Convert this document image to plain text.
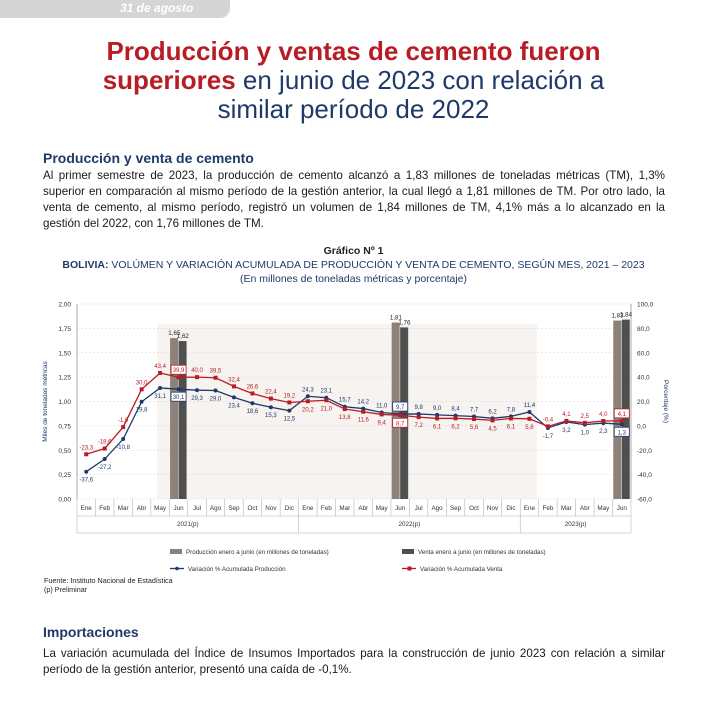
31 de agosto
Producción y ventas de cemento fueron
superiores en junio de 2023 con relación a
similar período de 2022
Producción y venta de cemento

Al primer semestre de 2023, la producción de cemento alcanzó a 1,83 millones de toneladas métricas (TM), 1,3% superior en comparación al mismo período de la gestión anterior, la cual llegó a 1,81 millones de TM. Por otro lado, la venta de cemento, al mismo período, registró un volumen de 1,84 millones de TM, 4,1% más a lo alcanzado en la gestión del 2022, con 1,76 millones de TM.

Gráfico Nº 1
BOLIVIA: VOLÚMEN Y VARIACIÓN ACUMULADA DE PRODUCCIÓN Y VENTA DE CEMENTO, SEGÚN MES, 2021 – 2023
(En millones de toneladas métricas y porcentaje)
0,00
0,25
0,50
0,75
1,00
1,25
1,50
1,75
2,00
-60,0
-40,0
-20,0
0,0
20,0
40,0
60,0
80,0
100,0
Miles de toneladas métricas	Porcentaje (%)
1,65
1,81	1,83
1,62
1,76
1,84
Ene Feb Mar Abr May Jun Jul Ago Sep Oct Nov Dic Ene Feb Mar Abr May Jun Jul Ago Sep Oct Nov Dic Ene Feb Mar Abr May Jun
2021(p)	2022(p)	2023(p)
-37,6
-27,2
-10,8
19,8
31,1 30,1 29,3 29,0
23,4
18,6
15,3
12,5
24,3 23,1
15,7 14,2
11,0 9,7 9,8 9,0 8,4 7,7 6,2 7,8
11,4
-1,7
3,2 1,0 2,3 1,3
-23,3
-18,6
-1,0
30,0
43,4
39,9 40,0 39,5
32,4
26,6
22,4
19,2
20,2 21,0
13,8 11,6 9,4 8,7 7,2 6,1 6,2 5,6 4,5 6,1 5,8
-0,4
4,1 2,5 4,0 4,1
Producción enero a junio (en millones de toneladas)	Venta enero a junio (en millones de toneladas)
Variación % Acumulada Producción	Variación % Acumulada Venta
Fuente: Instituto Nacional de Estadística
(p) Preliminar
Importaciones

La variación acumulada del Índice de Insumos Importados para la construcción de junio 2023 con relación a similar período de la gestión anterior, presentó una caída de -0,1%.
